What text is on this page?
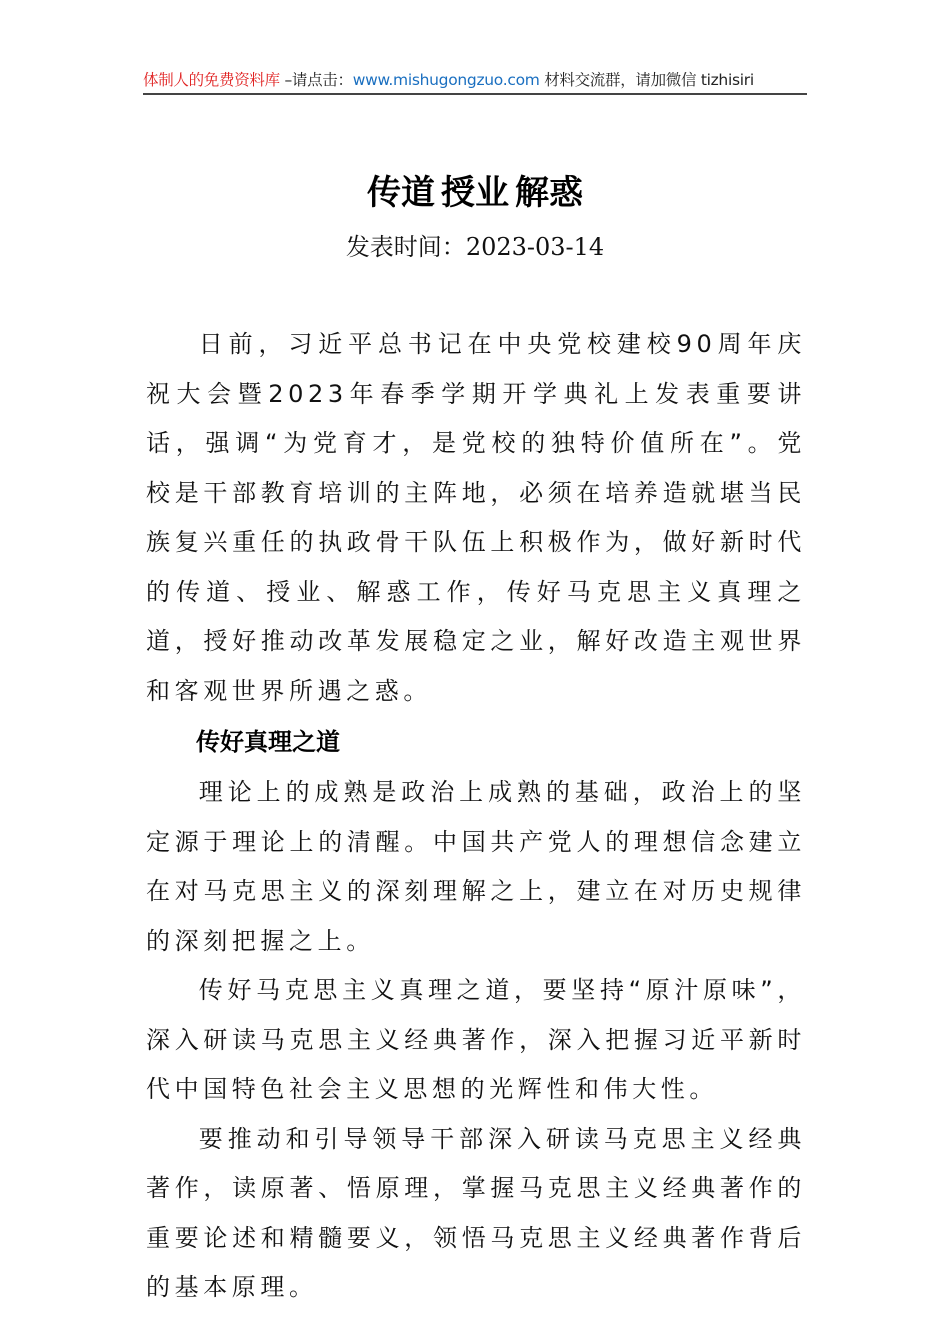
体制人的免费资料库 –请点击：www.mishugongzuo.com 材料交流群，请加微信 tizhisiri
传道 授业 解惑
发表时间：2023-03-14

日前，习近平总书记在中央党校建校90周年庆祝大会暨2023年春季学期开学典礼上发表重要讲话，强调“为党育才，是党校的独特价值所在”。党校是干部教育培训的主阵地，必须在培养造就堪当民族复兴重任的执政骨干队伍上积极作为，做好新时代的传道、授业、解惑工作，传好马克思主义真理之道，授好推动改革发展稳定之业，解好改造主观世界和客观世界所遇之惑。

传好真理之道

理论上的成熟是政治上成熟的基础，政治上的坚定源于理论上的清醒。中国共产党人的理想信念建立在对马克思主义的深刻理解之上，建立在对历史规律的深刻把握之上。

传好马克思主义真理之道，要坚持“原汁原味”，深入研读马克思主义经典著作，深入把握习近平新时代中国特色社会主义思想的光辉性和伟大性。

要推动和引导领导干部深入研读马克思主义经典著作，读原著、悟原理，掌握马克思主义经典著作的重要论述和精髓要义，领悟马克思主义经典著作背后的基本原理。
